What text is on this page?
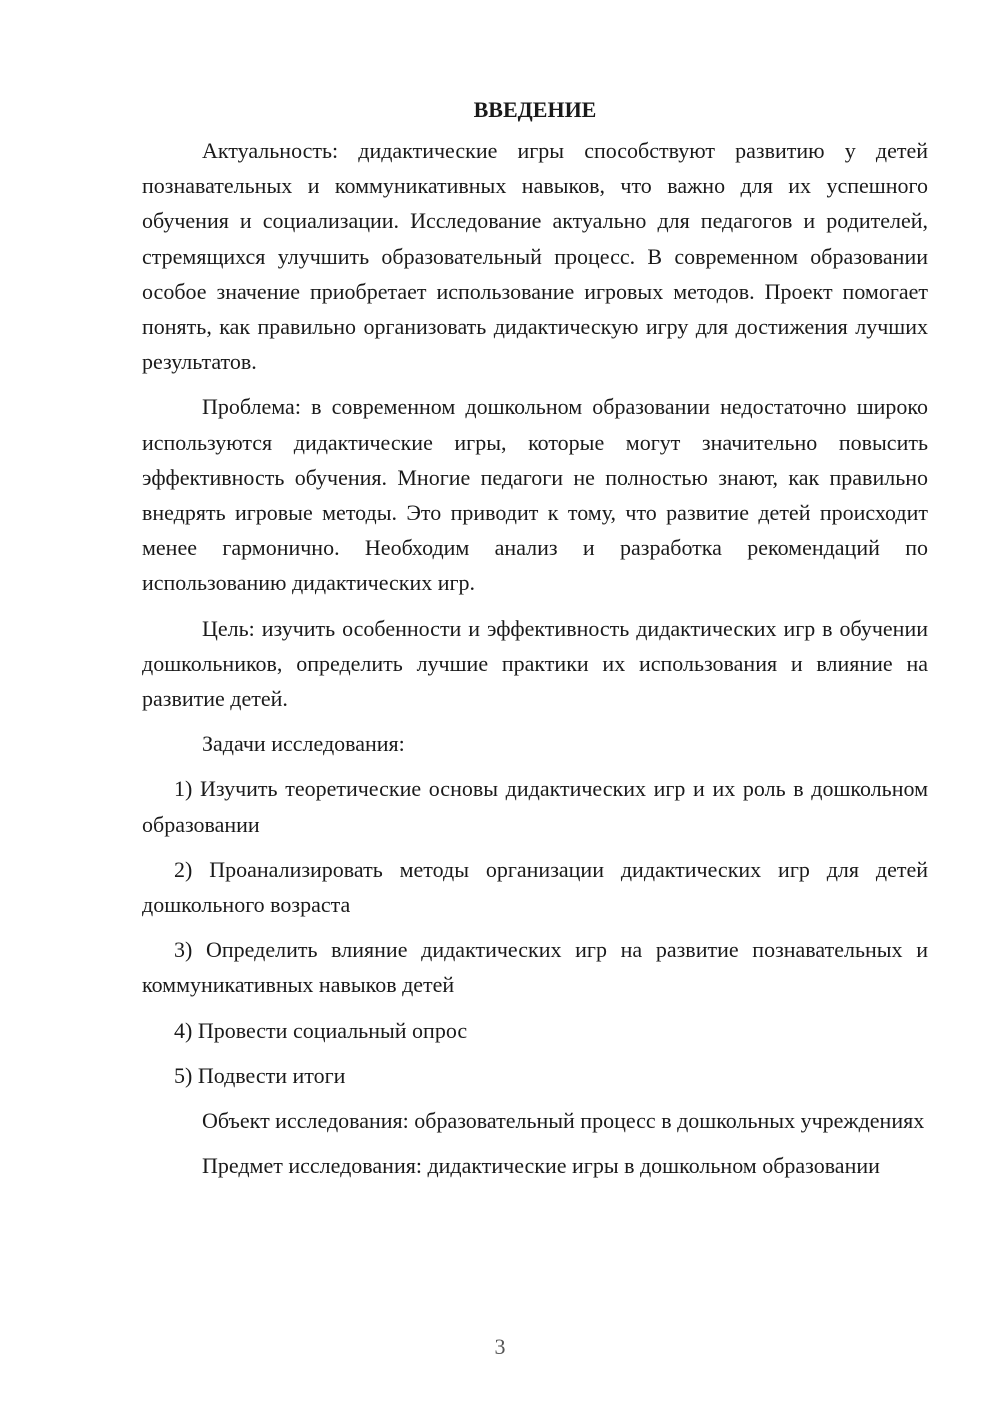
ВВЕДЕНИЕ

Актуальность: дидактические игры способствуют развитию у детей познавательных и коммуникативных навыков, что важно для их успешного обучения и социализации. Исследование актуально для педагогов и родителей, стремящихся улучшить образовательный процесс. В современном образовании особое значение приобретает использование игровых методов. Проект помогает понять, как правильно организовать дидактическую игру для достижения лучших результатов.

Проблема: в современном дошкольном образовании недостаточно широко используются дидактические игры, которые могут значительно повысить эффективность обучения. Многие педагоги не полностью знают, как правильно внедрять игровые методы. Это приводит к тому, что развитие детей происходит менее гармонично. Необходим анализ и разработка рекомендаций по использованию дидактических игр.

Цель: изучить особенности и эффективность дидактических игр в обучении дошкольников, определить лучшие практики их использования и влияние на развитие детей.

Задачи исследования:

1) Изучить теоретические основы дидактических игр и их роль в дошкольном образовании

2) Проанализировать методы организации дидактических игр для детей дошкольного возраста

3) Определить влияние дидактических игр на развитие познавательных и коммуникативных навыков детей

4) Провести социальный опрос

5) Подвести итоги

Объект исследования: образовательный процесс в дошкольных учреждениях

Предмет исследования: дидактические игры в дошкольном образовании

3
